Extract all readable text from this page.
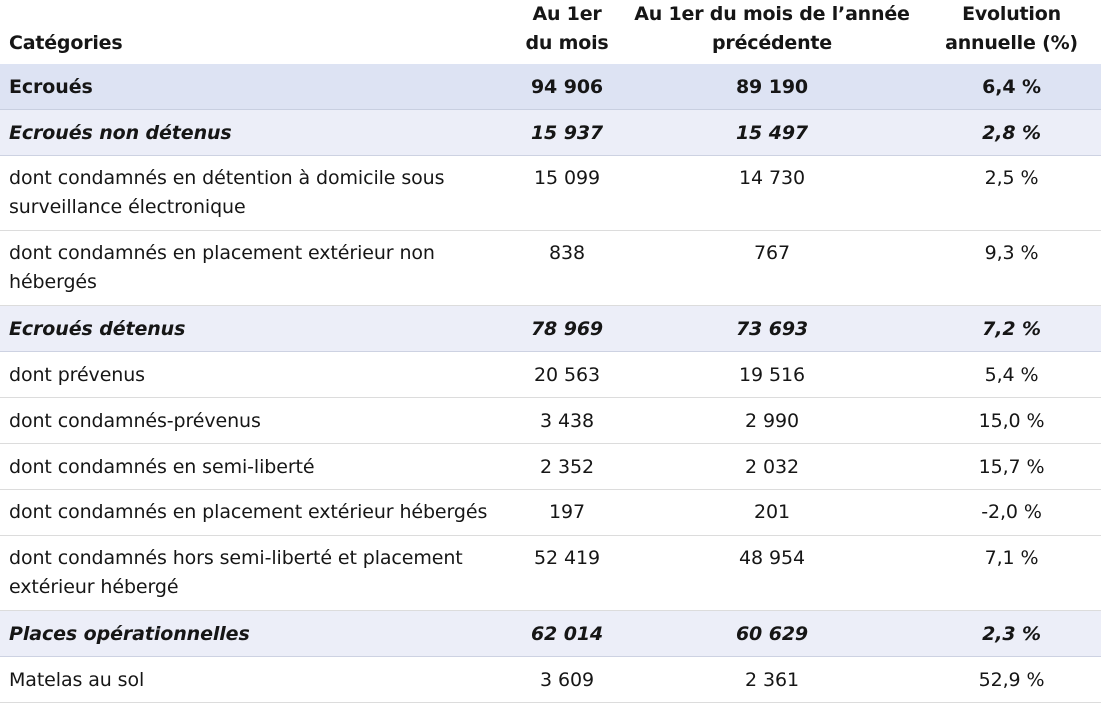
Catégories	Au 1er du mois	Au 1er du mois de l’année précédente	Evolution annuelle (%)
Ecroués	94 906	89 190	6,4 %
Ecroués non détenus	15 937	15 497	2,8 %
dont condamnés en détention à domicile sous surveillance électronique	15 099	14 730	2,5 %
dont condamnés en placement extérieur non hébergés	838	767	9,3 %
Ecroués détenus	78 969	73 693	7,2 %
dont prévenus	20 563	19 516	5,4 %
dont condamnés-prévenus	3 438	2 990	15,0 %
dont condamnés en semi-liberté	2 352	2 032	15,7 %
dont condamnés en placement extérieur hébergés	197	201	-2,0 %
dont condamnés hors semi-liberté et placement extérieur hébergé	52 419	48 954	7,1 %
Places opérationnelles	62 014	60 629	2,3 %
Matelas au sol	3 609	2 361	52,9 %
